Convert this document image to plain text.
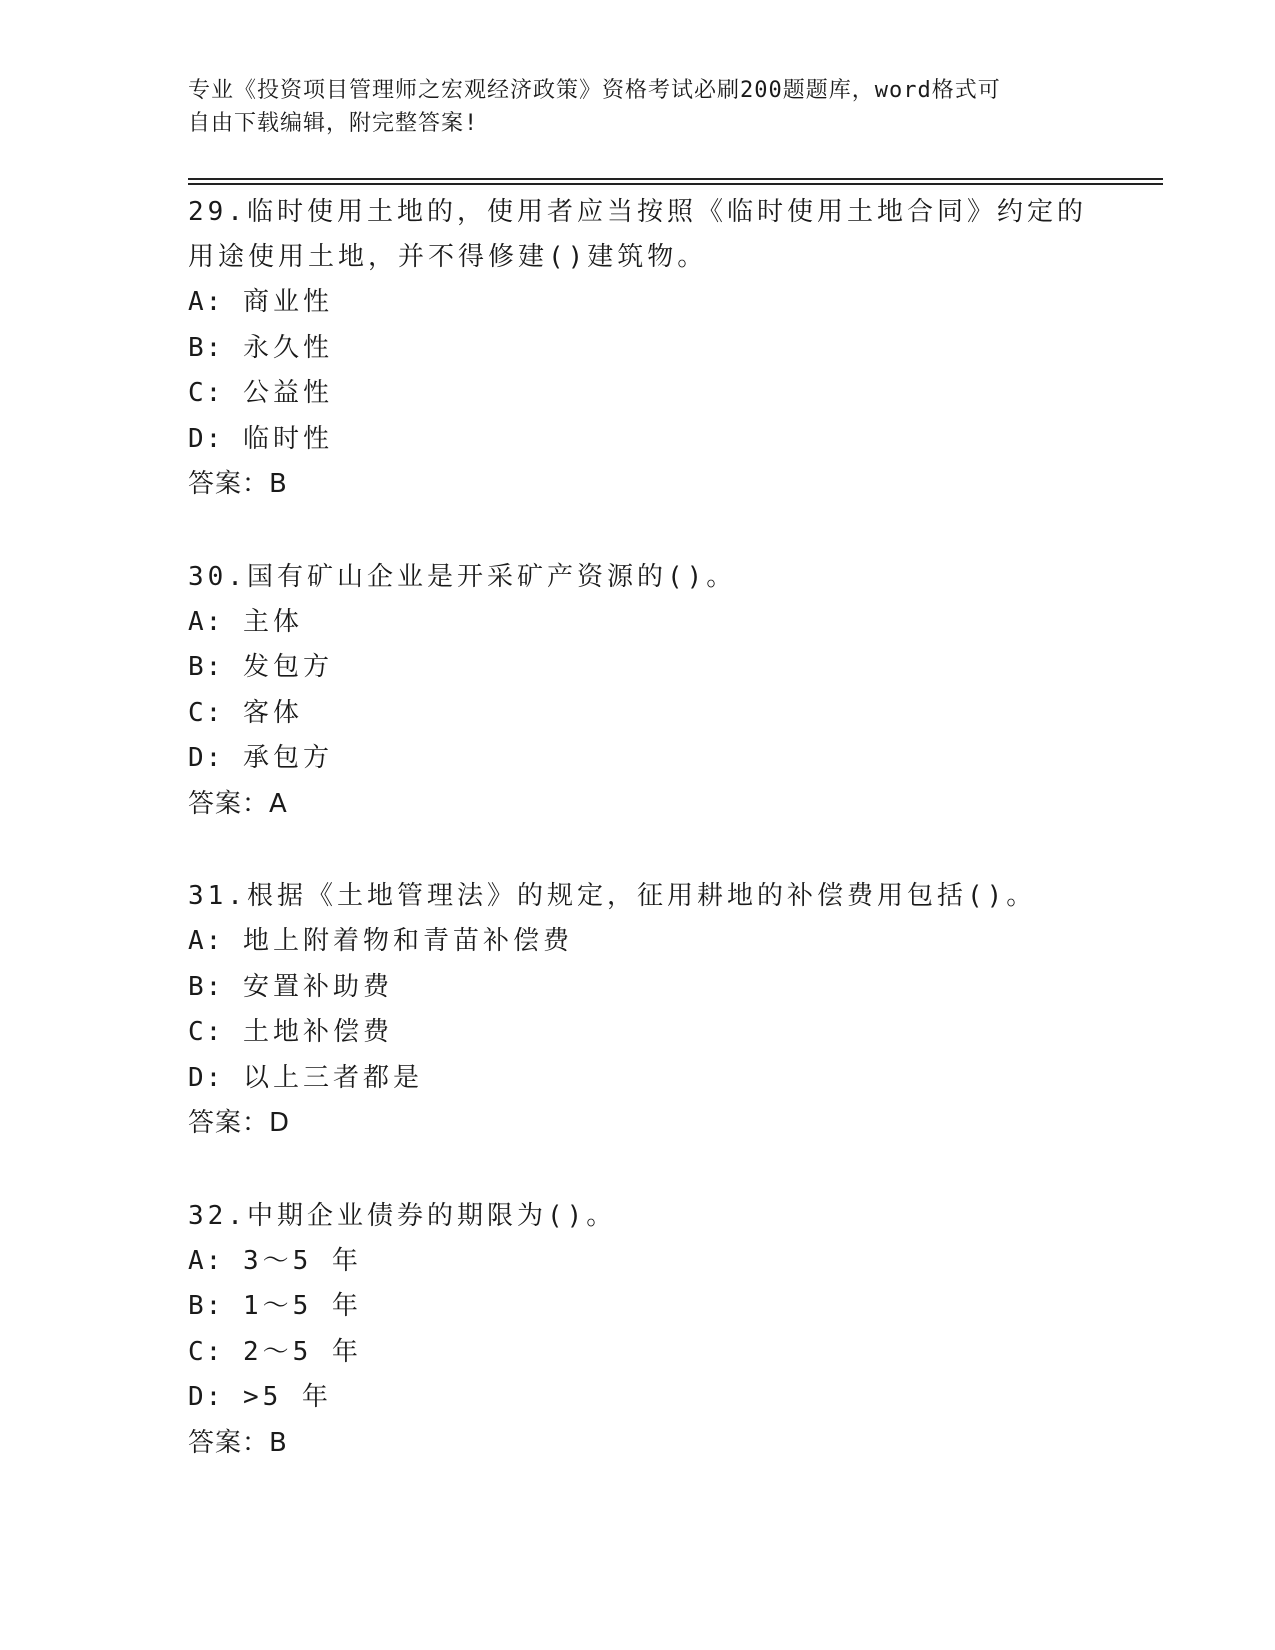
专业《投资项目管理师之宏观经济政策》资格考试必刷200题题库，word格式可
自由下载编辑，附完整答案!

29.临时使用土地的，使用者应当按照《临时使用土地合同》约定的用途使用土地，并不得修建()建筑物。

A: 商业性

B: 永久性

C: 公益性

D: 临时性

答案：B

30.国有矿山企业是开采矿产资源的()。

A: 主体

B: 发包方

C: 客体

D: 承包方

答案：A

31.根据《土地管理法》的规定，征用耕地的补偿费用包括()。

A: 地上附着物和青苗补偿费

B: 安置补助费

C: 土地补偿费

D: 以上三者都是

答案：D

32.中期企业债券的期限为()。

A: 3～5 年

B: 1～5 年

C: 2～5 年

D: >5 年

答案：B
